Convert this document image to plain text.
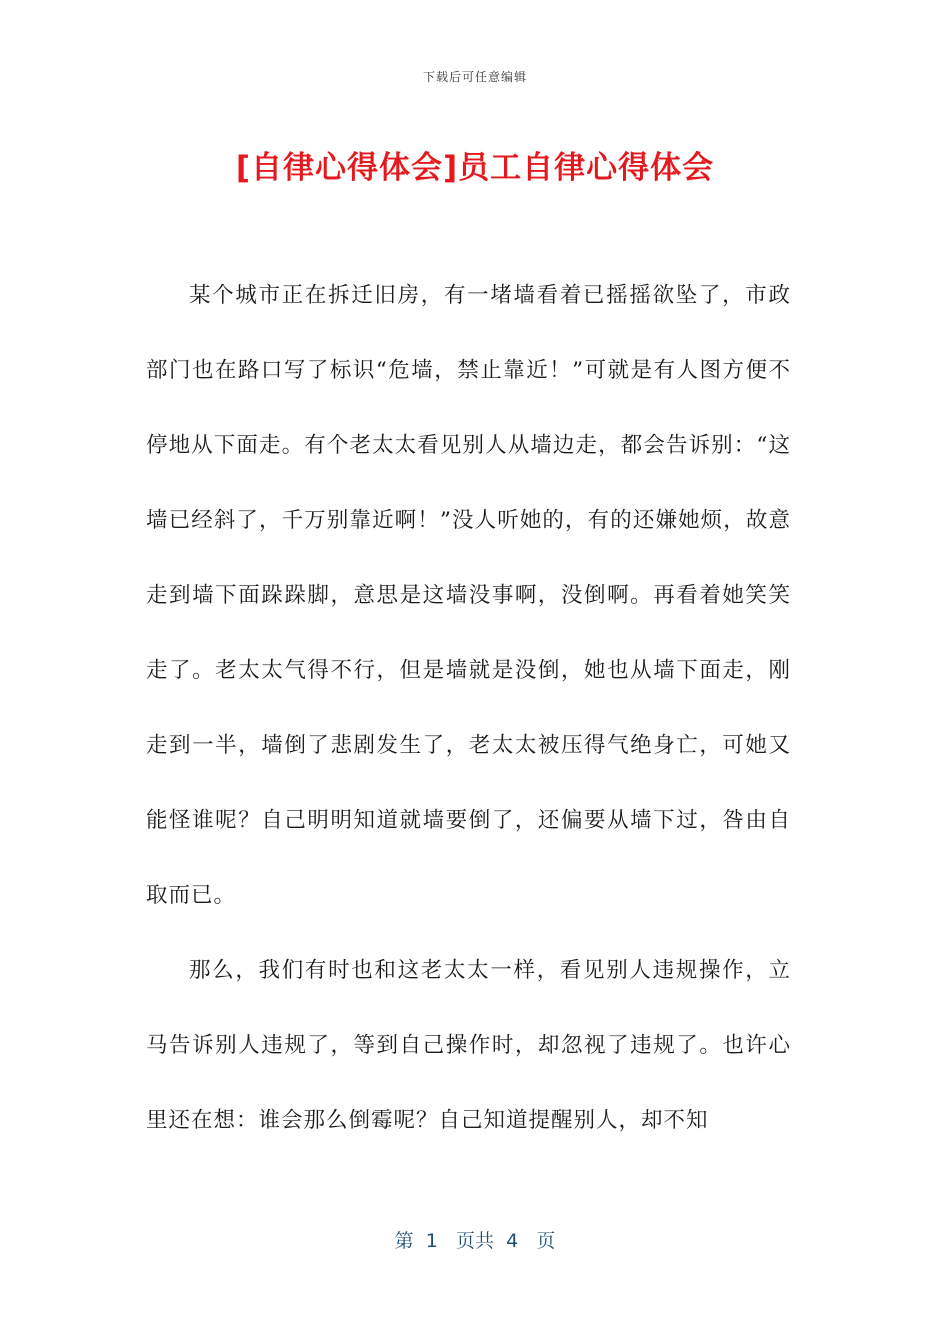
下载后可任意编辑
[自律心得体会]员工自律心得体会

某个城市正在拆迁旧房，有一堵墙看着已摇摇欲坠了，市政部门也在路口写了标识“危墙，禁止靠近！”可就是有人图方便不停地从下面走。有个老太太看见别人从墙边走，都会告诉别：“这墙已经斜了，千万别靠近啊！”没人听她的，有的还嫌她烦，故意走到墙下面跺跺脚，意思是这墙没事啊，没倒啊。再看着她笑笑走了。老太太气得不行，但是墙就是没倒，她也从墙下面走，刚走到一半，墙倒了悲剧发生了，老太太被压得气绝身亡，可她又能怪谁呢？自己明明知道就墙要倒了，还偏要从墙下过，咎由自取而已。

那么，我们有时也和这老太太一样，看见别人违规操作，立马告诉别人违规了，等到自己操作时，却忽视了违规了。也许心里还在想：谁会那么倒霉呢？自己知道提醒别人，却不知

第 1 页共 4 页
